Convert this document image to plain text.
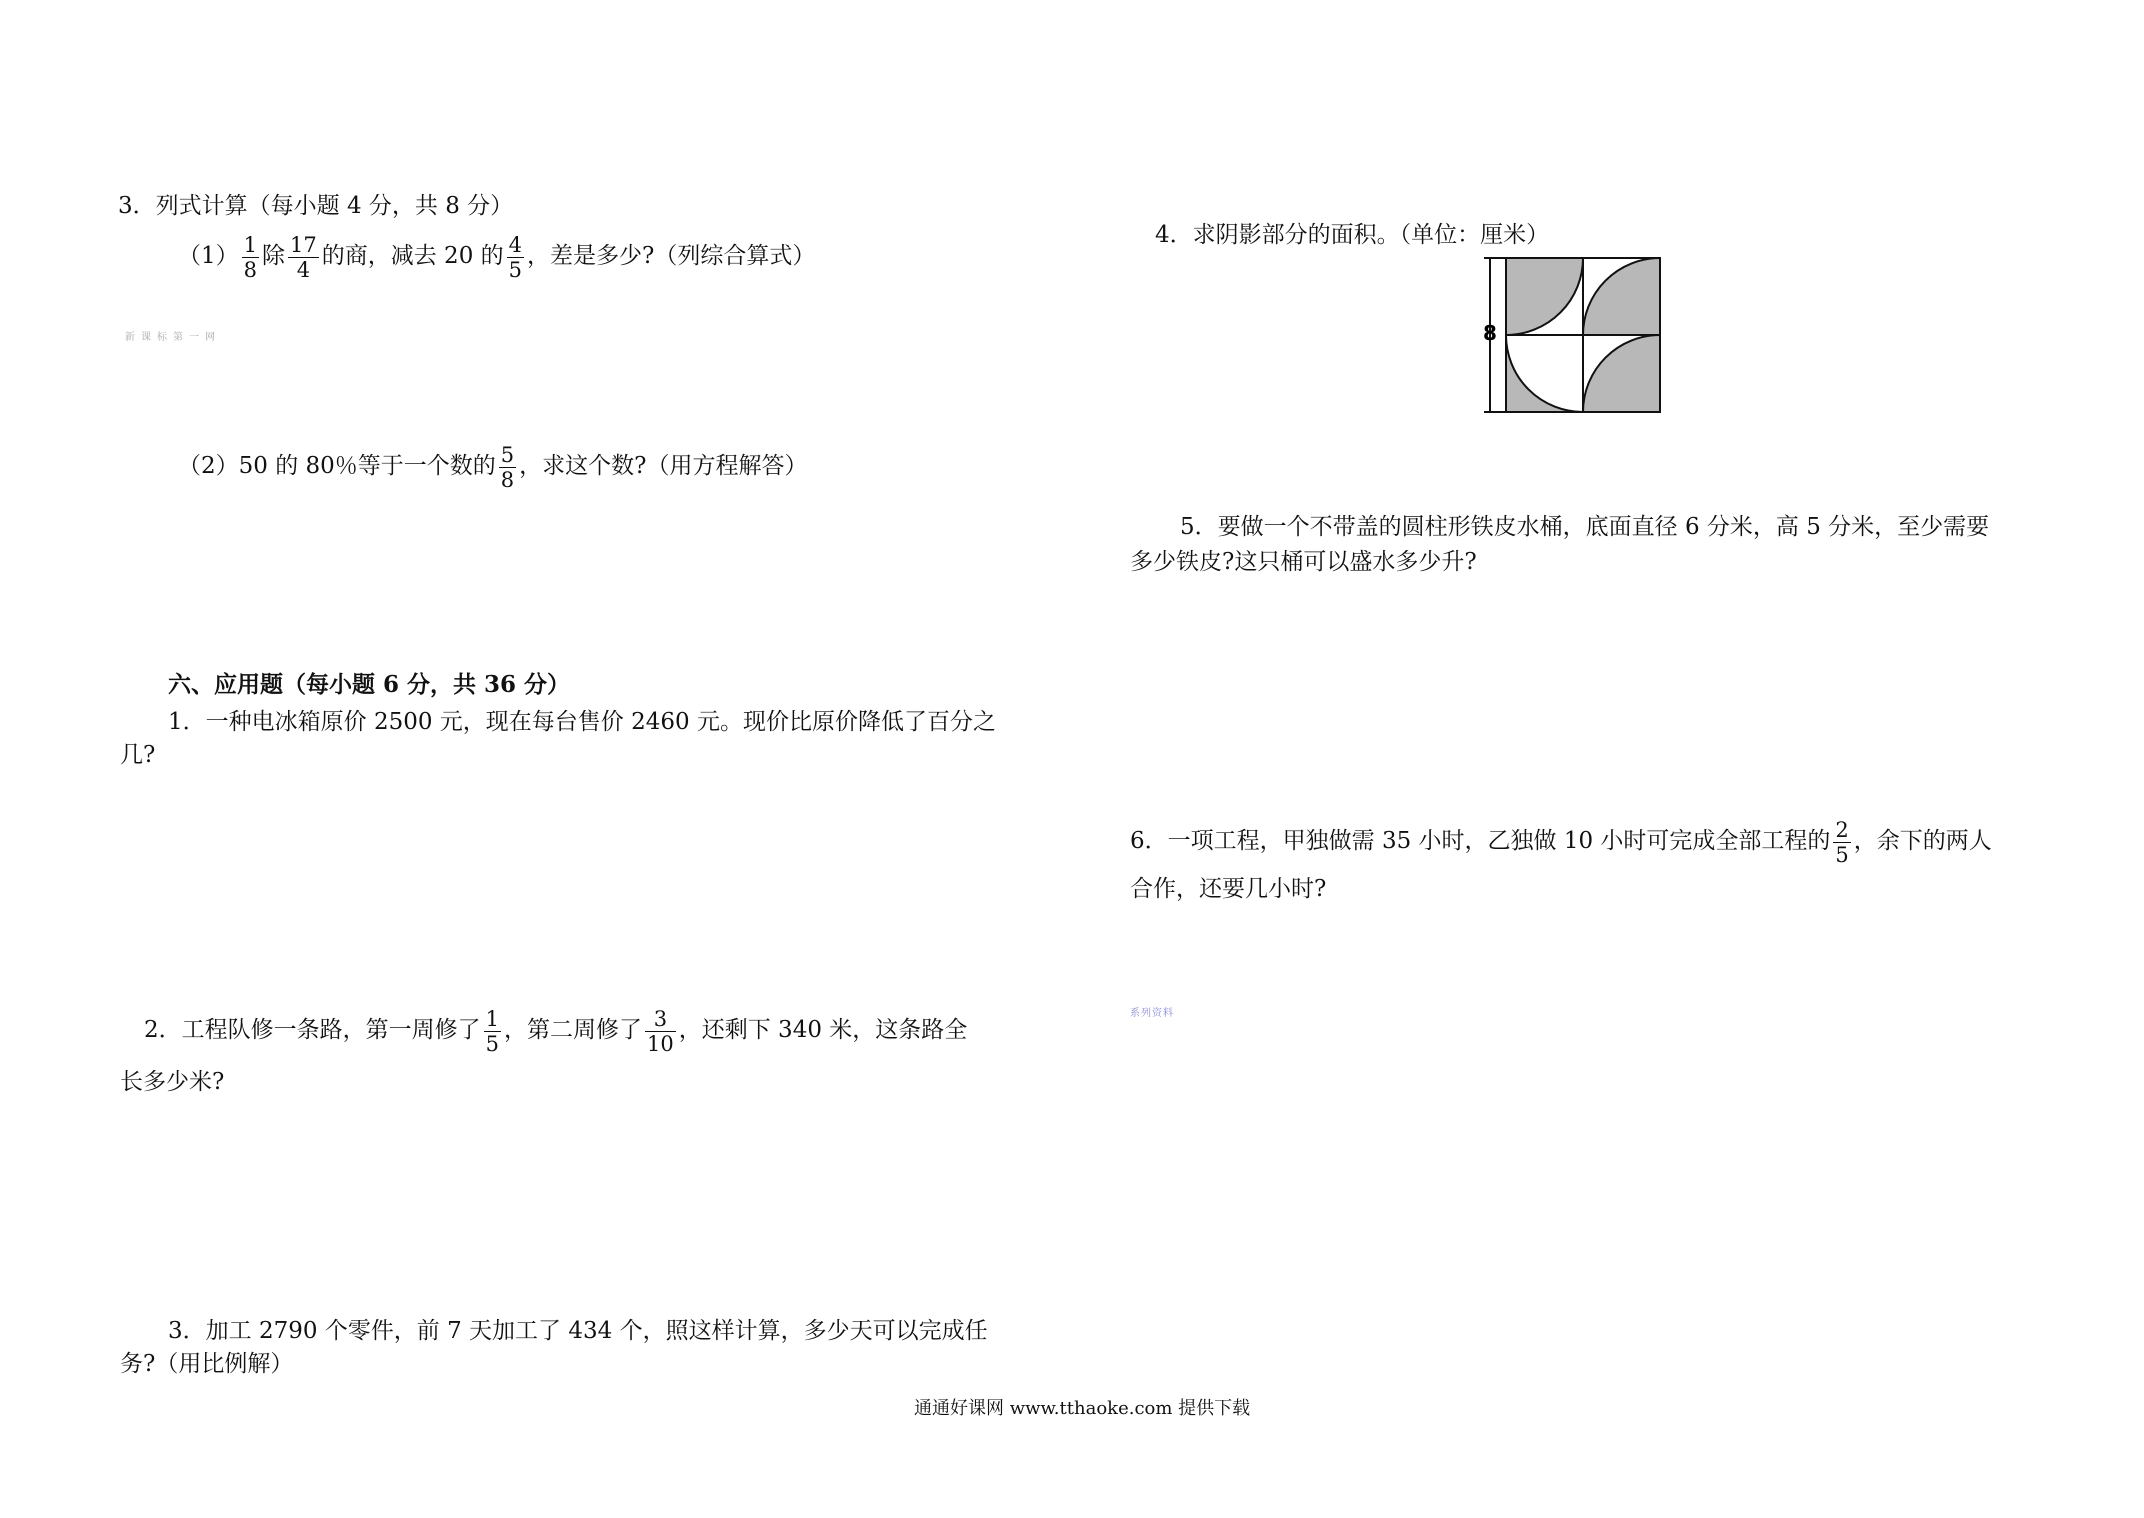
3．列式计算（每小题 4 分，共 8 分）
$(1) \frac{1}{8}$ 除 $\frac{17}{4}$ 的商，减去 20 的 $\frac{4}{5}$ ，差是多少?（列综合算式）
新课标第一网
（2）50 的 80％等于一个数的 $\frac{5}{8}$ ，求这个数?（用方程解答）
六、应用题（每小题 6 分，共 36 分）
1．一种电冰箱原价 2500 元，现在每台售价 2460 元。现价比原价降低了百分之
几?
2．工程队修一条路，第一周修了 $\frac{1}{5}$ ，第二周修了 $\frac{3}{10}$ ，还剩下 340 米，这条路全
长多少米?
3．加工 2790 个零件，前 7 天加工了 434 个，照这样计算，多少天可以完成任
务?（用比例解）
4．求阴影部分的面积。（单位：厘米）
8
5．要做一个不带盖的圆柱形铁皮水桶，底面直径 6 分米，高 5 分米，至少需要
多少铁皮?这只桶可以盛水多少升?
6．一项工程，甲独做需 35 小时，乙独做 10 小时可完成全部工程的 $\frac{2}{5}$ ，余下的两人
合作，还要几小时?
系列资料
通通好课网 www.tthaoke.com 提供下载
